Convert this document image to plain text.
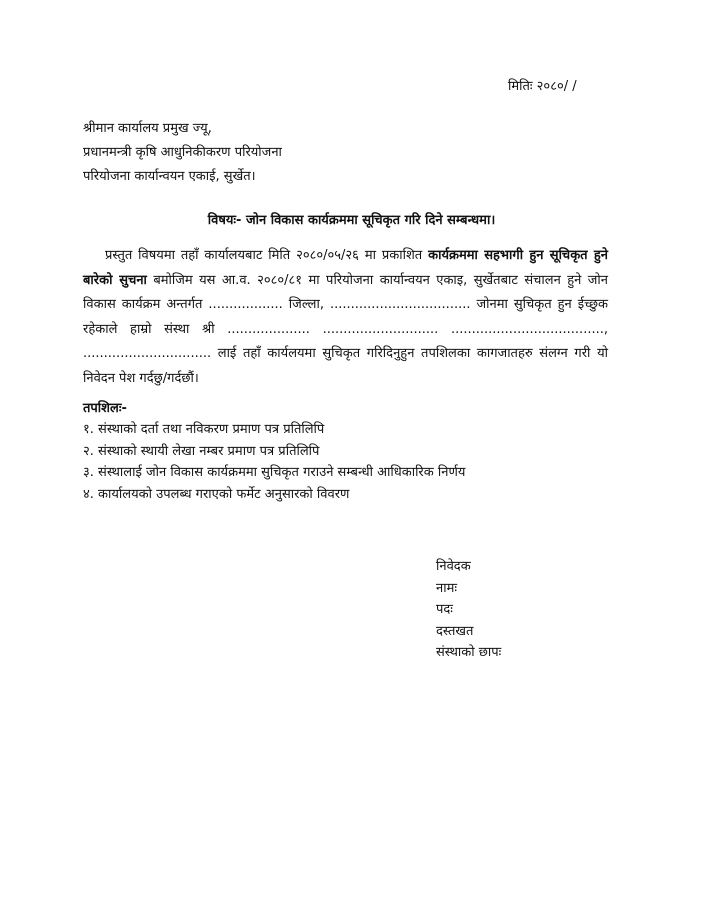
मितिः २०८०/ /
श्रीमान कार्यालय प्रमुख ज्यू,
प्रधानमन्त्री कृषि आधुनिकीकरण परियोजना
परियोजना कार्यान्वयन एकाई, सुर्खेत।
विषयः- जोन विकास कार्यक्रममा सूचिकृत गरि दिने सम्बन्धमा।
प्रस्तुत विषयमा तहाँ कार्यालयबाट मिति २०८०/०५/२६ मा प्रकाशित कार्यक्रममा सहभागी हुन सूचिकृत हुने बारेको सुचना बमोजिम यस आ.व. २०८०/८१ मा परियोजना कार्यान्वयन एकाइ, सुर्खेतबाट संचालन हुने जोन विकास कार्यक्रम अन्तर्गत .................. जिल्ला, .................................. जोनमा सुचिकृत हुन ईच्छुक रहेकाले हाम्रो संस्था श्री .................... ............................ ....................................., ............................... लाई तहाँ कार्यलयमा सुचिकृत गरिदिनुहुन तपशिलका कागजातहरु संलग्न गरी यो निवेदन पेश गर्दछु/गर्दछौं।
तपशिलः-
१. संस्थाको दर्ता तथा नविकरण प्रमाण पत्र प्रतिलिपि
२. संस्थाको स्थायी लेखा नम्बर प्रमाण पत्र प्रतिलिपि
३. संस्थालाई जोन विकास कार्यक्रममा सुचिकृत गराउने सम्बन्धी आधिकारिक निर्णय
४. कार्यालयको उपलब्ध गराएको फर्मेट अनुसारको विवरण
निवेदक
नामः
पदः
दस्तखत
संस्थाको छापः
